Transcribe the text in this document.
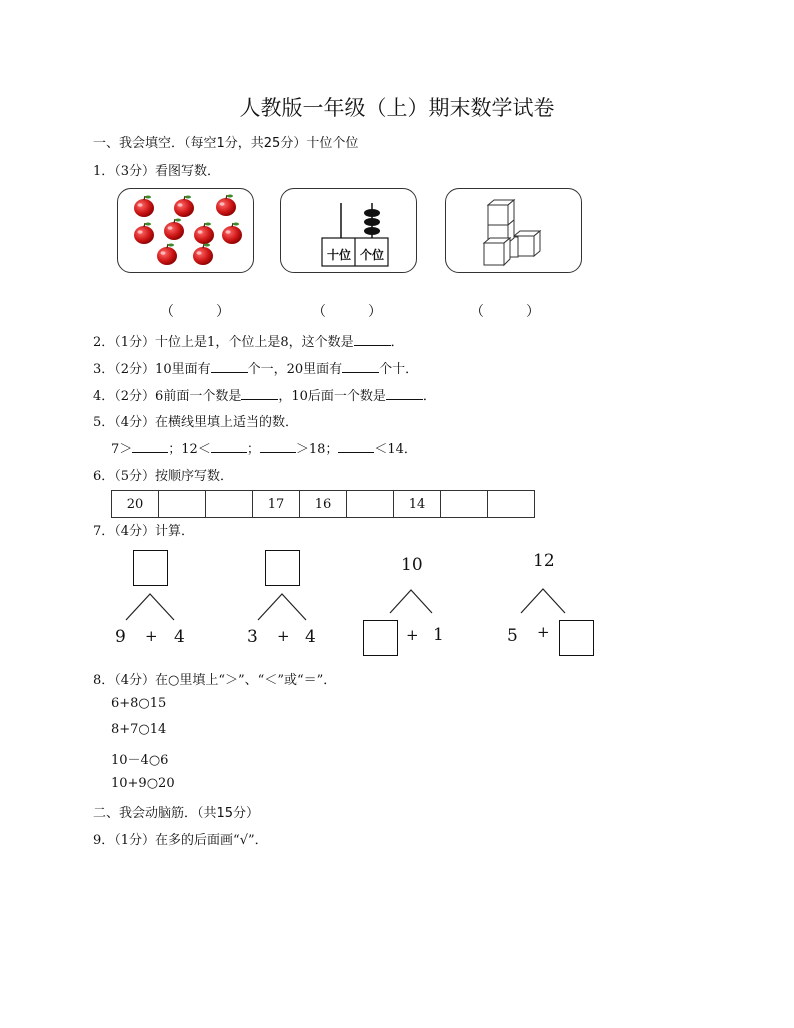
人教版一年级（上）期末数学试卷
一、我会填空．（每空1分，共25分）十位个位
1．（3分）看图写数．
十位 个位
（　　　）	（　　　）	（　　　）
2．（1分）十位上是1，个位上是8，这个数是	．
3．（2分）10里面有	个一，20里面有	个十．
4．（2分）6前面一个数是	，10后面一个数是	．
5．（4分）在横线里填上适当的数．
7＞	；12＜	；	＞18；	＜14．
6．（5分）按顺序写数．
20			17	16		14		
7．（4分）计算．
9 + 4	3 + 4
10
+ 1
12
5 +
8．（4分）在○里填上“＞”、“＜”或“＝”．
6+8○15
8+7○14
10－4○6
10+9○20
二、我会动脑筋．（共15分）
9．（1分）在多的后面画“√”．
